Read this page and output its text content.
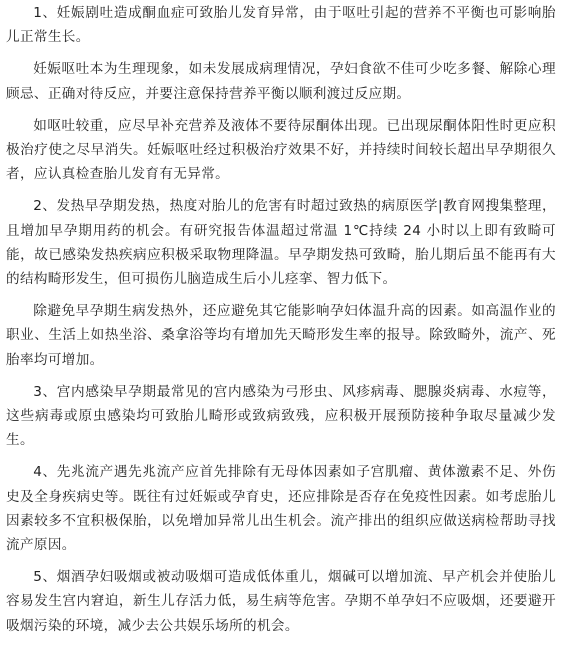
1、妊娠剧吐造成酮血症可致胎儿发育异常，由于呕吐引起的营养不平衡也可影响胎儿正常生长。

妊娠呕吐本为生理现象，如未发展成病理情况，孕妇食欲不佳可少吃多餐、解除心理顾忌、正确对待反应，并要注意保持营养平衡以顺利渡过反应期。

如呕吐较重，应尽早补充营养及液体不要待尿酮体出现。已出现尿酮体阳性时更应积极治疗使之尽早消失。妊娠呕吐经过积极治疗效果不好，并持续时间较长超出早孕期很久者，应认真检查胎儿发育有无异常。

2、发热早孕期发热，热度对胎儿的危害有时超过致热的病原医学|教育网搜集整理，且增加早孕期用药的机会。有研究报告体温超过常温 1℃持续 24 小时以上即有致畸可能，故已感染发热疾病应积极采取物理降温。早孕期发热可致畸，胎儿期后虽不能再有大的结构畸形发生，但可损伤儿脑造成生后小儿痉挛、智力低下。

除避免早孕期生病发热外，还应避免其它能影响孕妇体温升高的因素。如高温作业的职业、生活上如热坐浴、桑拿浴等均有增加先天畸形发生率的报导。除致畸外，流产、死胎率均可增加。

3、宫内感染早孕期最常见的宫内感染为弓形虫、风疹病毒、腮腺炎病毒、水痘等，这些病毒或原虫感染均可致胎儿畸形或致病致残，应积极开展预防接种争取尽量减少发生。

4、先兆流产遇先兆流产应首先排除有无母体因素如子宫肌瘤、黄体激素不足、外伤史及全身疾病史等。既往有过妊娠或孕育史，还应排除是否存在免疫性因素。如考虑胎儿因素较多不宜积极保胎，以免增加异常儿出生机会。流产排出的组织应做送病检帮助寻找流产原因。

5、烟酒孕妇吸烟或被动吸烟可造成低体重儿，烟碱可以增加流、早产机会并使胎儿容易发生宫内窘迫，新生儿存活力低，易生病等危害。孕期不单孕妇不应吸烟，还要避开吸烟污染的环境，减少去公共娱乐场所的机会。
